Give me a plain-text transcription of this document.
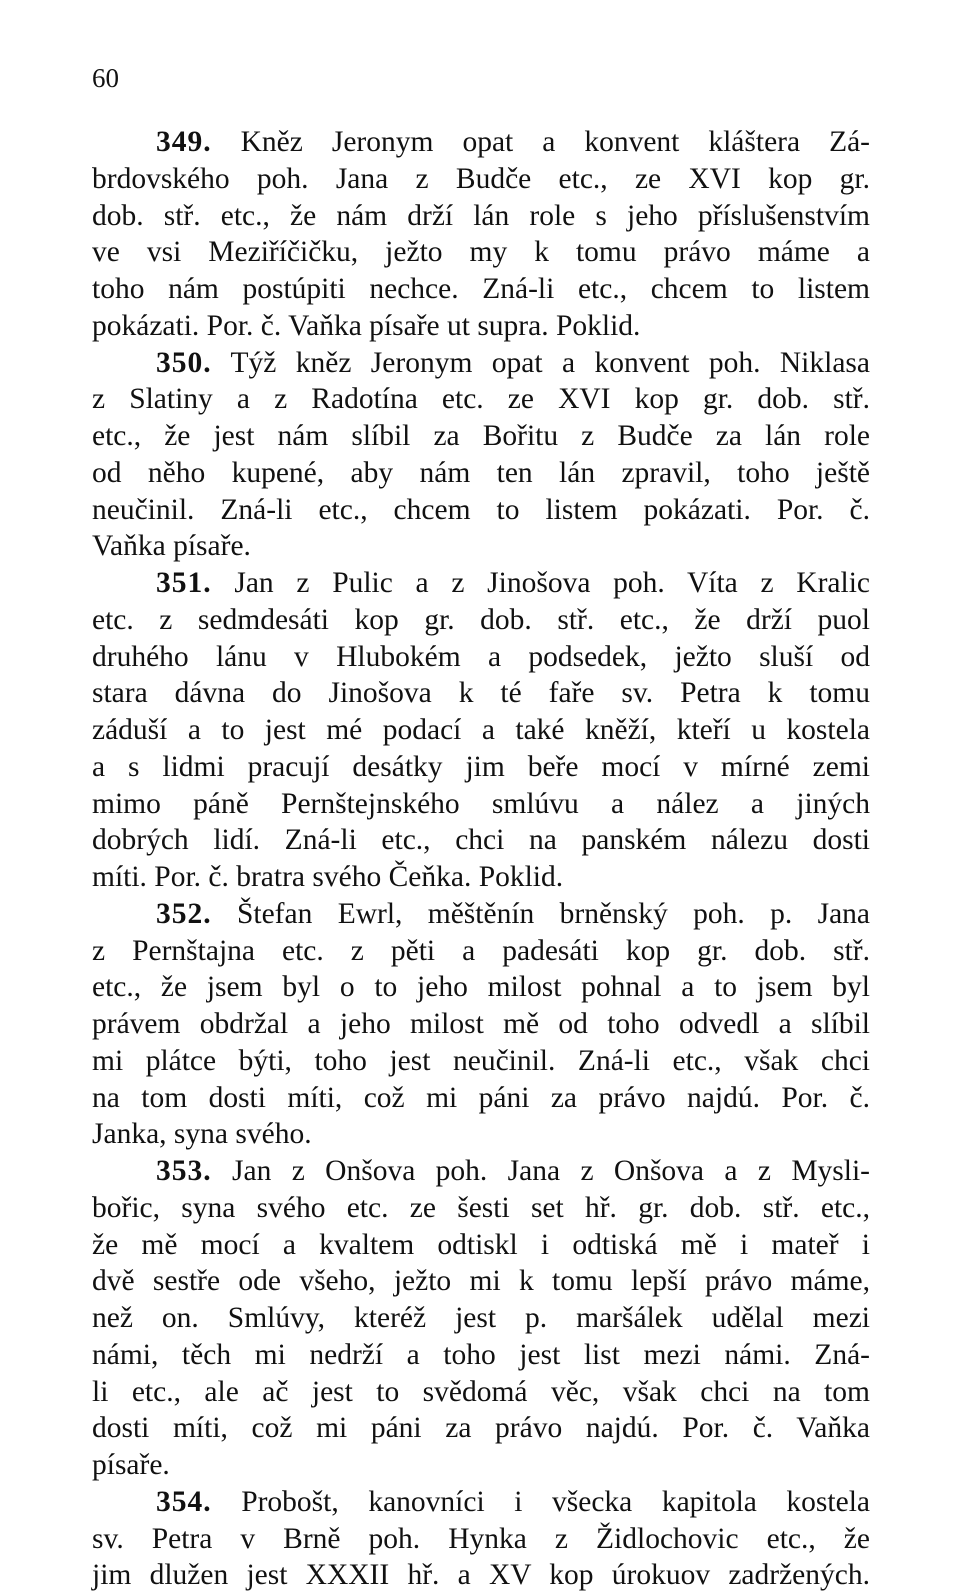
60
349. Kněz Jeronym opat a konvent kláštera Zá-
brdovského poh. Jana z Budče etc., ze XVI kop gr.
dob. stř. etc., že nám drží lán role s jeho příslušenstvím
ve vsi Meziříčičku, ježto my k tomu právo máme a
toho nám postúpiti nechce. Zná-li etc., chcem to listem
pokázati. Por. č. Vaňka písaře ut supra. Poklid.
350. Týž kněz Jeronym opat a konvent poh. Niklasa
z Slatiny a z Radotína etc. ze XVI kop gr. dob. stř.
etc., že jest nám slíbil za Bořitu z Budče za lán role
od něho kupené, aby nám ten lán zpravil, toho ještě
neučinil. Zná-li etc., chcem to listem pokázati. Por. č.
Vaňka písaře.
351. Jan z Pulic a z Jinošova poh. Víta z Kralic
etc. z sedmdesáti kop gr. dob. stř. etc., že drží puol
druhého lánu v Hlubokém a podsedek, ježto sluší od
stara dávna do Jinošova k té faře sv. Petra k tomu
záduší a to jest mé podací a také kněží, kteří u kostela
a s lidmi pracují desátky jim beře mocí v mírné zemi
mimo páně Pernštejnského smlúvu a nález a jiných
dobrých lidí. Zná-li etc., chci na panském nálezu dosti
míti. Por. č. bratra svého Čeňka. Poklid.
352. Štefan Ewrl, měštěnín brněnský poh. p. Jana
z Pernštajna etc. z pěti a padesáti kop gr. dob. stř.
etc., že jsem byl o to jeho milost pohnal a to jsem byl
právem obdržal a jeho milost mě od toho odvedl a slíbil
mi plátce býti, toho jest neučinil. Zná-li etc., však chci
na tom dosti míti, což mi páni za právo najdú. Por. č.
Janka, syna svého.
353. Jan z Onšova poh. Jana z Onšova a z Mysli-
bořic, syna svého etc. ze šesti set hř. gr. dob. stř. etc.,
že mě mocí a kvaltem odtiskl i odtiská mě i mateř i
dvě sestře ode všeho, ježto mi k tomu lepší právo máme,
než on. Smlúvy, kteréž jest p. maršálek udělal mezi
námi, těch mi nedrží a toho jest list mezi námi. Zná-
li etc., ale ač jest to svědomá věc, však chci na tom
dosti míti, což mi páni za právo najdú. Por. č. Vaňka
písaře.
354. Probošt, kanovníci i všecka kapitola kostela
sv. Petra v Brně poh. Hynka z Židlochovic etc., že
jim dlužen jest XXXII hř. a XV kop úrokuov zadržených.
